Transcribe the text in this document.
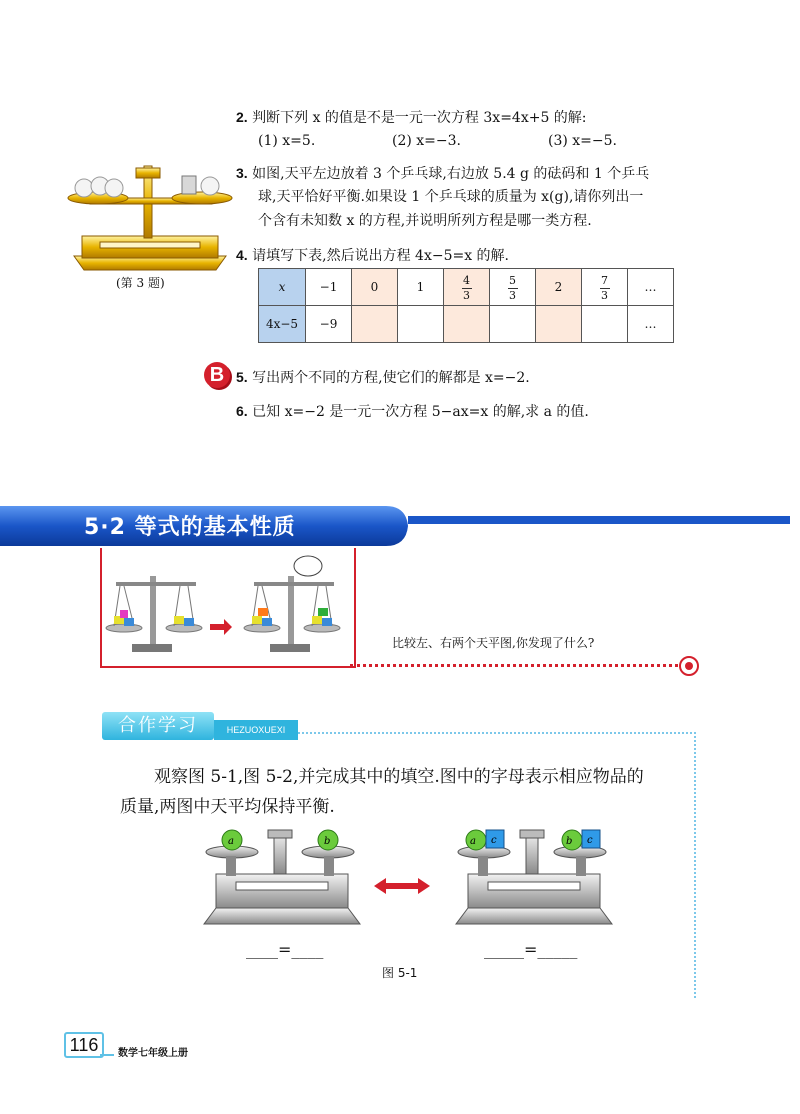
2. 判断下列 x 的值是不是一元一次方程 3x=4x+5 的解:
(1) x=5.	(2) x=−3.	(3) x=−5.
3. 如图,天平左边放着 3 个乒乓球,右边放 5.4 g 的砝码和 1 个乒乓
球,天平恰好平衡.如果设 1 个乒乓球的质量为 x(g),请你列出一
个含有未知数 x 的方程,并说明所列方程是哪一类方程.
(第 3 题)
4. 请填写下表,然后说出方程 4x−5=x 的解.
x	−1	0	1	$\frac{4}{3}$	$\frac{5}{3}$	2	$\frac{7}{3}$	…
4x−5	−9							…
B 5. 写出两个不同的方程,使它们的解都是 x=−2.
6. 已知 x=−2 是一元一次方程 5−ax=x 的解,求 a 的值.
5·2 等式的基本性质
比较左、右两个天平图,你发现了什么?
合作学习	HEZUOXUEXI
观察图 5-1,图 5-2,并完成其中的填空.图中的字母表示相应物品的
质量,两图中天平均保持平衡.
a	b	a c	b c
____=____	_____=_____
图 5-1
116	数学七年级上册
